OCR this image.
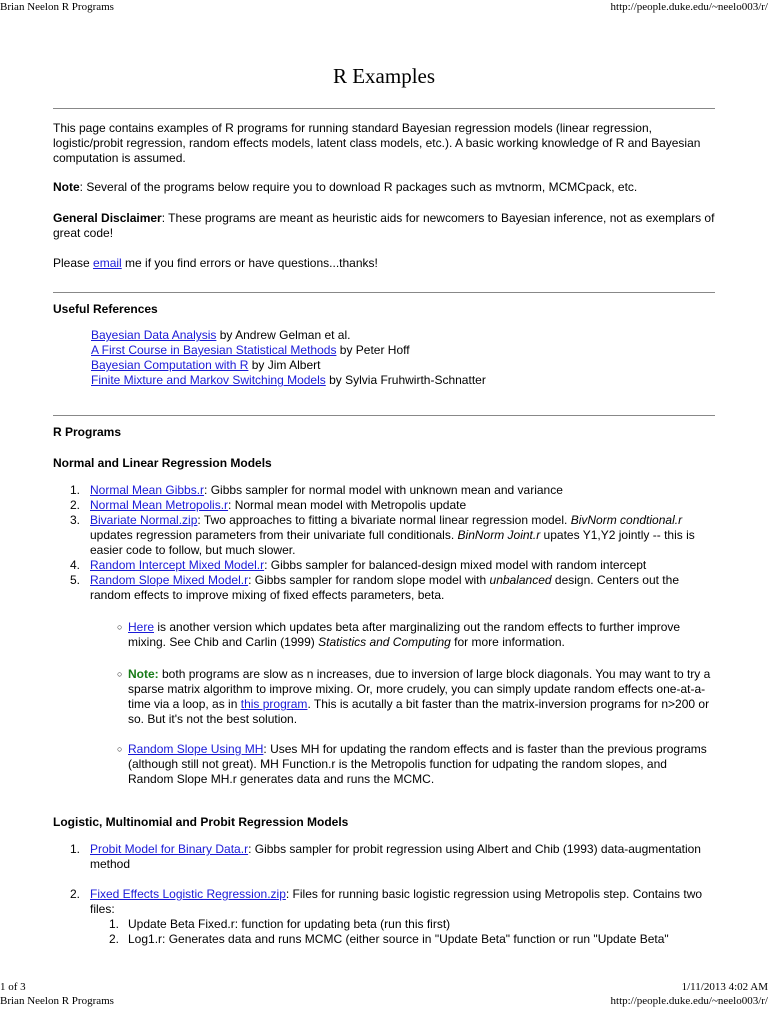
Brian Neelon R Programs	http://people.duke.edu/~neelo003/r/
R Examples
This page contains examples of R programs for running standard Bayesian regression models (linear regression, logistic/probit regression, random effects models, latent class models, etc.). A basic working knowledge of R and Bayesian computation is assumed.
Note: Several of the programs below require you to download R packages such as mvtnorm, MCMCpack, etc.
General Disclaimer: These programs are meant as heuristic aids for newcomers to Bayesian inference, not as exemplars of great code!
Please email me if you find errors or have questions...thanks!
Useful References
Bayesian Data Analysis by Andrew Gelman et al.
A First Course in Bayesian Statistical Methods by Peter Hoff
Bayesian Computation with R by Jim Albert
Finite Mixture and Markov Switching Models by Sylvia Fruhwirth-Schnatter
R Programs
Normal and Linear Regression Models
1. Normal Mean Gibbs.r: Gibbs sampler for normal model with unknown mean and variance
2. Normal Mean Metropolis.r: Normal mean model with Metropolis update
3. Bivariate Normal.zip: Two approaches to fitting a bivariate normal linear regression model. BivNorm condtional.r updates regression parameters from their univariate full conditionals. BinNorm Joint.r upates Y1,Y2 jointly -- this is easier code to follow, but much slower.
4. Random Intercept Mixed Model.r: Gibbs sampler for balanced-design mixed model with random intercept
5. Random Slope Mixed Model.r: Gibbs sampler for random slope model with unbalanced design. Centers out the random effects to improve mixing of fixed effects parameters, beta.
○ Here is another version which updates beta after marginalizing out the random effects to further improve mixing. See Chib and Carlin (1999) Statistics and Computing for more information.
○ Note: both programs are slow as n increases, due to inversion of large block diagonals. You may want to try a sparse matrix algorithm to improve mixing. Or, more crudely, you can simply update random effects one-at-a-time via a loop, as in this program. This is acutally a bit faster than the matrix-inversion programs for n>200 or so. But it's not the best solution.
○ Random Slope Using MH: Uses MH for updating the random effects and is faster than the previous programs (although still not great). MH Function.r is the Metropolis function for udpating the random slopes, and Random Slope MH.r generates data and runs the MCMC.
Logistic, Multinomial and Probit Regression Models
1. Probit Model for Binary Data.r: Gibbs sampler for probit regression using Albert and Chib (1993) data-augmentation method
2. Fixed Effects Logistic Regression.zip: Files for running basic logistic regression using Metropolis step. Contains two files:
1. Update Beta Fixed.r: function for updating beta (run this first)
2. Log1.r: Generates data and runs MCMC (either source in "Update Beta" function or run "Update Beta"
1 of 3	1/11/2013 4:02 AM
Brian Neelon R Programs	http://people.duke.edu/~neelo003/r/
